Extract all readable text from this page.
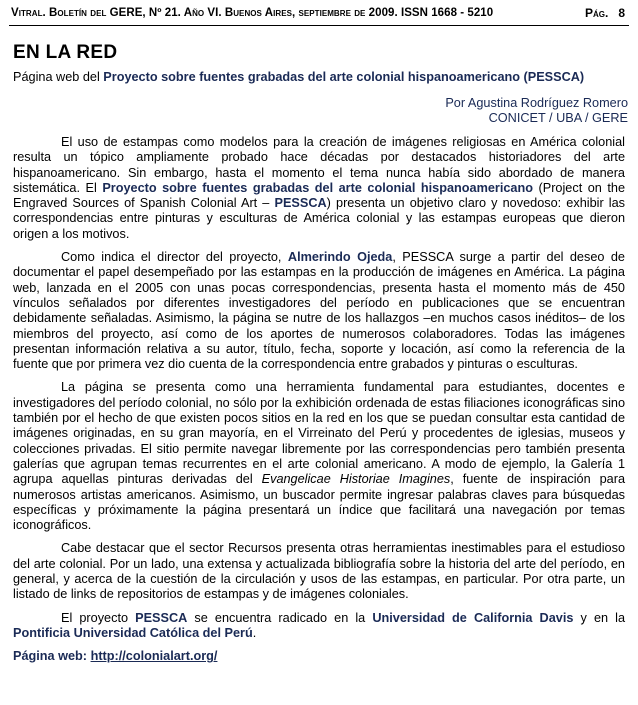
Vitral. Boletín del GERE, Nº 21. Año VI. Buenos Aires, septiembre de 2009. ISSN 1668 - 5210	Pág. 8
EN LA RED
Página web del Proyecto sobre fuentes grabadas del arte colonial hispanoamericano (PESSCA)
Por Agustina Rodríguez Romero
CONICET / UBA / GERE

El uso de estampas como modelos para la creación de imágenes religiosas en América colonial resulta un tópico ampliamente probado hace décadas por destacados historiadores del arte hispanoamericano. Sin embargo, hasta el momento el tema nunca había sido abordado de manera sistemática. El Proyecto sobre fuentes grabadas del arte colonial hispanoamericano (Project on the Engraved Sources of Spanish Colonial Art – PESSCA) presenta un objetivo claro y novedoso: exhibir las correspondencias entre pinturas y esculturas de América colonial y las estampas europeas que dieron origen a los motivos.

Como indica el director del proyecto, Almerindo Ojeda, PESSCA surge a partir del deseo de documentar el papel desempeñado por las estampas en la producción de imágenes en América. La página web, lanzada en el 2005 con unas pocas correspondencias, presenta hasta el momento más de 450 vínculos señalados por diferentes investigadores del período en publicaciones que se encuentran debidamente señaladas. Asimismo, la página se nutre de los hallazgos –en muchos casos inéditos– de los miembros del proyecto, así como de los aportes de numerosos colaboradores. Todas las imágenes presentan información relativa a su autor, título, fecha, soporte y locación, así como la referencia de la fuente que por primera vez dio cuenta de la correspondencia entre grabados y pinturas o esculturas.

La página se presenta como una herramienta fundamental para estudiantes, docentes e investigadores del período colonial, no sólo por la exhibición ordenada de estas filiaciones iconográficas sino también por el hecho de que existen pocos sitios en la red en los que se puedan consultar esta cantidad de imágenes originadas, en su gran mayoría, en el Virreinato del Perú y procedentes de iglesias, museos y colecciones privadas. El sitio permite navegar libremente por las correspondencias pero también presenta galerías que agrupan temas recurrentes en el arte colonial americano. A modo de ejemplo, la Galería 1 agrupa aquellas pinturas derivadas del Evangelicae Historiae Imagines, fuente de inspiración para numerosos artistas americanos. Asimismo, un buscador permite ingresar palabras claves para búsquedas específicas y próximamente la página presentará un índice que facilitará una navegación por temas iconográficos.

Cabe destacar que el sector Recursos presenta otras herramientas inestimables para el estudioso del arte colonial. Por un lado, una extensa y actualizada bibliografía sobre la historia del arte del período, en general, y acerca de la cuestión de la circulación y usos de las estampas, en particular. Por otra parte, un listado de links de repositorios de estampas y de imágenes coloniales.

El proyecto PESSCA se encuentra radicado en la Universidad de California Davis y en la Pontificia Universidad Católica del Perú.

Página web: http://colonialart.org/
